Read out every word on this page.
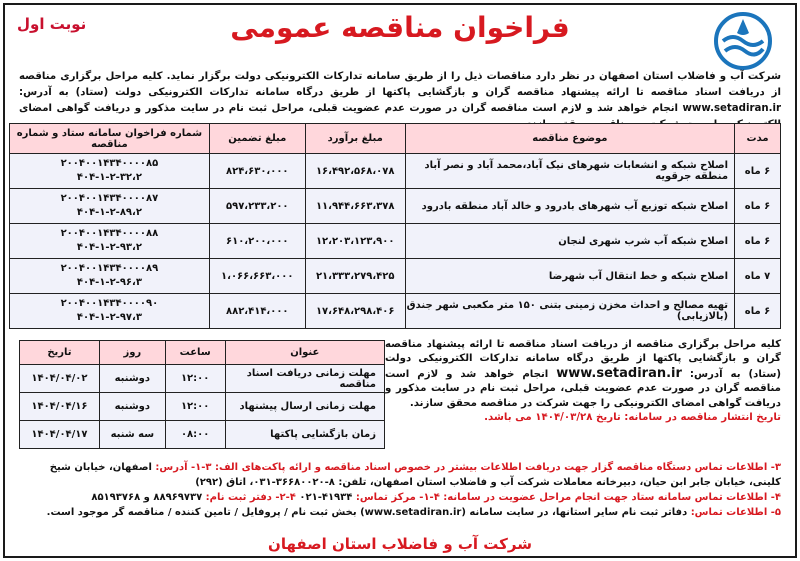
نوبت اول	فراخوان مناقصه عمومی
شرکت آب و فاضلاب استان اصفهان در نظر دارد مناقصات ذیل را از طریق سامانه تدارکات الکترونیکی دولت برگزار نماید. کلیه مراحل برگزاری مناقصه از دریافت اسناد مناقصه تا ارائه پیشنهاد مناقصه گران و بازگشایی پاکتها از طریق درگاه سامانه تدارکات الکترونیکی دولت (ستاد) به آدرس: www.setadiran.ir انجام خواهد شد و لازم است مناقصه گران در صورت عدم عضویت قبلی، مراحل ثبت نام در سایت مذکور و دریافت گواهی امضای
مدت	موضوع مناقصه	مبلغ برآورد	مبلغ تضمین	شماره فراخوان سامانه ستاد و شماره مناقصه
۶ ماه	اصلاح شبکه و انشعابات شهرهای نیک آباد،محمد آباد و نصر آباد منطقه جرقویه	۱۶،۴۹۲،۵۶۸،۰۷۸	۸۲۴،۶۳۰،۰۰۰	۲۰۰۴۰۰۱۴۳۴۰۰۰۰۸۵
۴۰۴-۱-۲-۳۲،۲

۶ ماه	اصلاح شبکه توزیع آب شهرهای بادرود و خالد آباد منطقه بادرود	۱۱،۹۴۴،۶۶۳،۳۷۸	۵۹۷،۲۳۳،۲۰۰	۲۰۰۴۰۰۱۴۳۴۰۰۰۰۸۷
۴۰۴-۱-۲-۸۹،۲

۶ ماه	اصلاح شبکه آب شرب شهری لنجان	۱۲،۲۰۳،۱۲۳،۹۰۰	۶۱۰،۲۰۰،۰۰۰	۲۰۰۴۰۰۱۴۳۴۰۰۰۰۸۸
۴۰۴-۱-۲-۹۳،۲

۷ ماه	اصلاح شبکه و خط انتقال آب شهرضا	۲۱،۳۳۳،۲۷۹،۴۲۵	۱،۰۶۶،۶۶۳،۰۰۰	۲۰۰۴۰۰۱۴۳۴۰۰۰۰۸۹
۴۰۴-۱-۲-۹۶،۳

۶ ماه	تهیه مصالح و احداث مخزن زمینی بتنی ۱۵۰ متر مکعبی شهر جندق (بالازیابی)	۱۷،۶۴۸،۲۹۸،۴۰۶	۸۸۲،۴۱۴،۰۰۰	۲۰۰۴۰۰۱۴۳۴۰۰۰۰۹۰
۴۰۴-۱-۲-۹۷،۳
کلیه مراحل برگزاری مناقصه از دریافت اسناد مناقصه تا ارائه پیشنهاد مناقصه گران و بازگشایی پاکتها از طریق درگاه سامانه تدارکات الکترونیکی دولت (ستاد) به آدرس: www.setadiran.ir انجام خواهد شد و لازم است مناقصه گران در صورت عدم عضویت قبلی، مراحل ثبت نام در سایت مذکور و دریافت گواهی امضای الکترونیکی را جهت شرکت در مناقصه محقق سازند.
تاریخ انتشار مناقصه در سامانه: تاریخ ۱۴۰۴/۰۳/۲۸ می باشد.
عنوان	ساعت	روز	تاریخ
مهلت زمانی دریافت اسناد مناقصه	۱۲:۰۰	دوشنبه	۱۴۰۴/۰۴/۰۲
مهلت زمانی ارسال پیشنهاد	۱۲:۰۰	دوشنبه	۱۴۰۴/۰۴/۱۶
زمان بازگشایی پاکتها	۰۸:۰۰	سه شنبه	۱۴۰۴/۰۴/۱۷
۳- اطلاعات تماس دستگاه مناقصه گزار جهت دریافت اطلاعات بیشتر در خصوص اسناد مناقصه و ارائه پاکت‌های الف: ۳-۱- آدرس: اصفهان، خیابان شیخ کلینی، خیابان جابر ابن حیان، دبیرخانه معاملات شرکت آب و فاضلاب استان اصفهان، تلفن: ۸-۳۶۶۸۰۰۲۰-۰۳۱، اتاق (۲۹۲)
۴- اطلاعات تماس سامانه ستاد جهت انجام مراحل عضویت در سامانه: ۴-۱- مرکز تماس: ۴۱۹۳۴-۰۲۱ ۴-۲- دفتر ثبت نام: ۸۸۹۶۹۷۳۷ و ۸۵۱۹۳۷۶۸
۵- اطلاعات تماس: دفاتر ثبت نام سایر استانها، در سایت سامانه (www.setadiran.ir) بخش ثبت نام / پروفایل / تامین کننده / مناقصه گر موجود است.
شرکت آب و فاضلاب استان اصفهان
